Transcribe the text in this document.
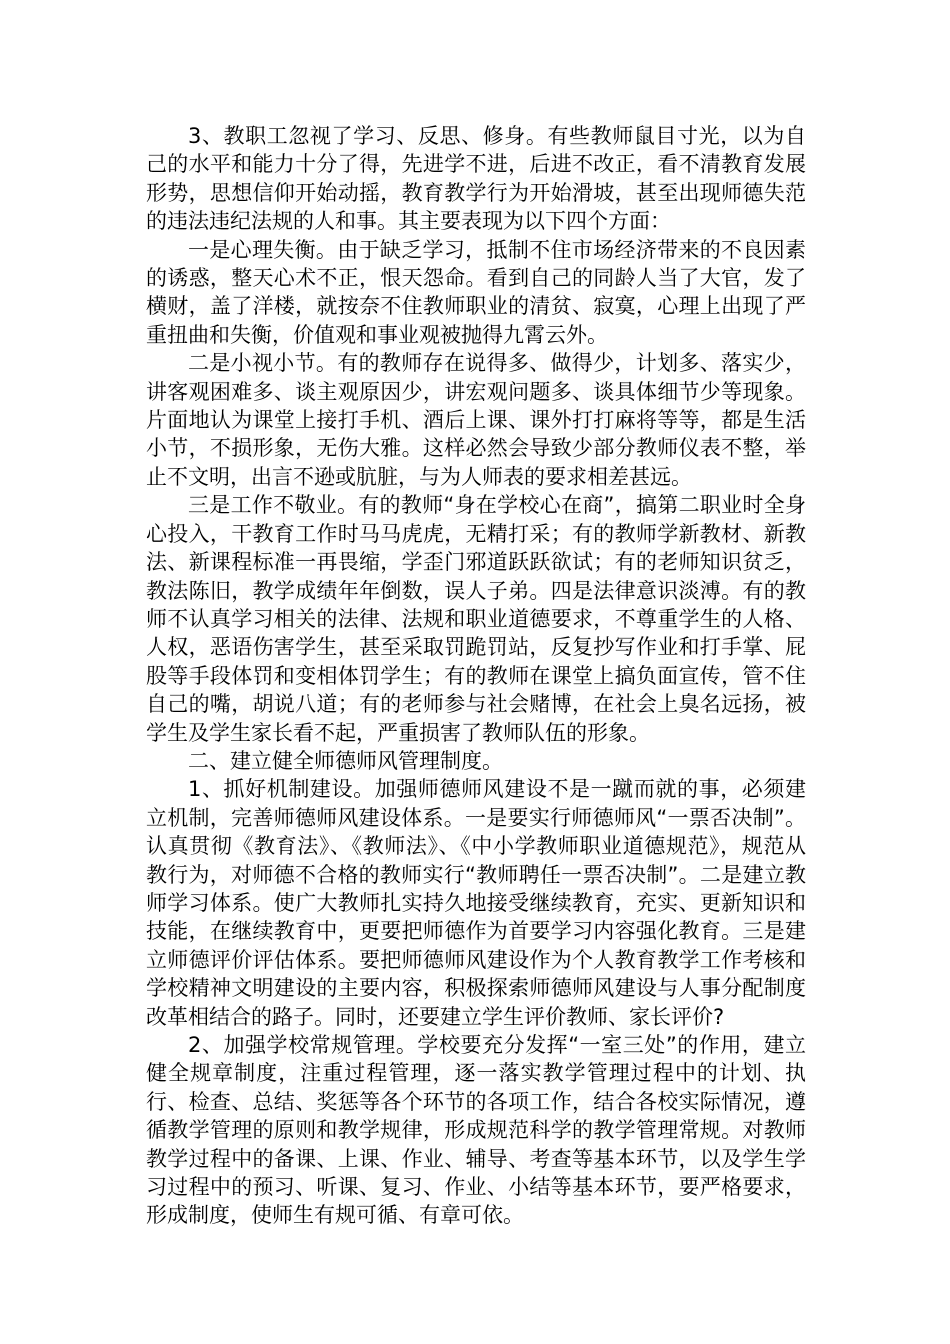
3、教职工忽视了学习、反思、修身。有些教师鼠目寸光，以为自己的水平和能力十分了得，先进学不进，后进不改正，看不清教育发展形势，思想信仰开始动摇，教育教学行为开始滑坡，甚至出现师德失范的违法违纪法规的人和事。其主要表现为以下四个方面：

一是心理失衡。由于缺乏学习，抵制不住市场经济带来的不良因素的诱惑，整天心术不正，恨天怨命。看到自己的同龄人当了大官，发了横财，盖了洋楼，就按奈不住教师职业的清贫、寂寞，心理上出现了严重扭曲和失衡，价值观和事业观被抛得九霄云外。

二是小视小节。有的教师存在说得多、做得少，计划多、落实少，讲客观困难多、谈主观原因少，讲宏观问题多、谈具体细节少等现象。片面地认为课堂上接打手机、酒后上课、课外打打麻将等等，都是生活小节，不损形象，无伤大雅。这样必然会导致少部分教师仪表不整，举止不文明，出言不逊或肮脏，与为人师表的要求相差甚远。

三是工作不敬业。有的教师“身在学校心在商”，搞第二职业时全身心投入，干教育工作时马马虎虎，无精打采；有的教师学新教材、新教法、新课程标准一再畏缩，学歪门邪道跃跃欲试；有的老师知识贫乏，教法陈旧，教学成绩年年倒数，误人子弟。四是法律意识淡溥。有的教师不认真学习相关的法律、法规和职业道德要求，不尊重学生的人格、人权，恶语伤害学生，甚至采取罚跪罚站，反复抄写作业和打手掌、屁股等手段体罚和变相体罚学生；有的教师在课堂上搞负面宣传，管不住自己的嘴，胡说八道；有的老师参与社会赌博，在社会上臭名远扬，被学生及学生家长看不起，严重损害了教师队伍的形象。

二、建立健全师德师风管理制度。

1、抓好机制建设。加强师德师风建设不是一蹴而就的事，必须建立机制，完善师德师风建设体系。一是要实行师德师风“一票否决制”。认真贯彻《教育法》、《教师法》、《中小学教师职业道德规范》，规范从教行为，对师德不合格的教师实行“教师聘任一票否决制”。二是建立教师学习体系。使广大教师扎实持久地接受继续教育，充实、更新知识和技能，在继续教育中，更要把师德作为首要学习内容强化教育。三是建立师德评价评估体系。要把师德师风建设作为个人教育教学工作考核和学校精神文明建设的主要内容，积极探索师德师风建设与人事分配制度改革相结合的路子。同时，还要建立学生评价教师、家长评价?

2、加强学校常规管理。学校要充分发挥“一室三处”的作用，建立健全规章制度，注重过程管理，逐一落实教学管理过程中的计划、执行、检查、总结、奖惩等各个环节的各项工作，结合各校实际情况，遵循教学管理的原则和教学规律，形成规范科学的教学管理常规。对教师教学过程中的备课、上课、作业、辅导、考查等基本环节，以及学生学习过程中的预习、听课、复习、作业、小结等基本环节，要严格要求，形成制度，使师生有规可循、有章可依。
